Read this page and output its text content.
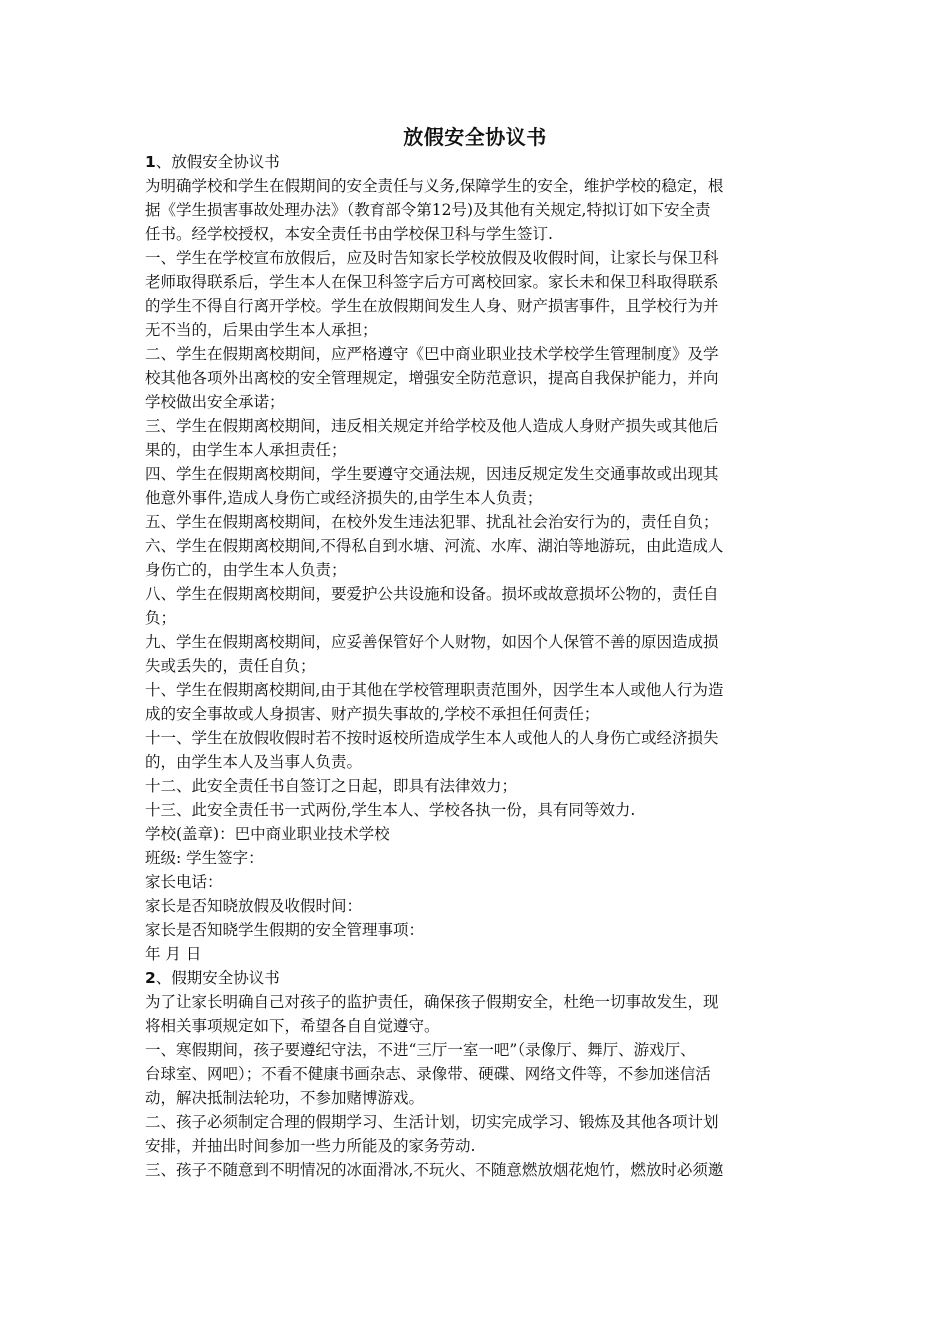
放假安全协议书
1、放假安全协议书
为明确学校和学生在假期间的安全责任与义务,保障学生的安全，维护学校的稳定，根
据《学生损害事故处理办法》（教育部令第12号)及其他有关规定,特拟订如下安全责
任书。经学校授权，本安全责任书由学校保卫科与学生签订.
一、学生在学校宣布放假后，应及时告知家长学校放假及收假时间，让家长与保卫科
老师取得联系后，学生本人在保卫科签字后方可离校回家。家长未和保卫科取得联系
的学生不得自行离开学校。学生在放假期间发生人身、财产损害事件，且学校行为并
无不当的，后果由学生本人承担；
二、学生在假期离校期间，应严格遵守《巴中商业职业技术学校学生管理制度》及学
校其他各项外出离校的安全管理规定，增强安全防范意识，提高自我保护能力，并向
学校做出安全承诺；
三、学生在假期离校期间，违反相关规定并给学校及他人造成人身财产损失或其他后
果的，由学生本人承担责任；
四、学生在假期离校期间，学生要遵守交通法规，因违反规定发生交通事故或出现其
他意外事件,造成人身伤亡或经济损失的,由学生本人负责；
五、学生在假期离校期间，在校外发生违法犯罪、扰乱社会治安行为的，责任自负；
六、学生在假期离校期间,不得私自到水塘、河流、水库、湖泊等地游玩，由此造成人
身伤亡的，由学生本人负责；
八、学生在假期离校期间，要爱护公共设施和设备。损坏或故意损坏公物的，责任自
负；
九、学生在假期离校期间，应妥善保管好个人财物，如因个人保管不善的原因造成损
失或丢失的，责任自负；
十、学生在假期离校期间,由于其他在学校管理职责范围外，因学生本人或他人行为造
成的安全事故或人身损害、财产损失事故的,学校不承担任何责任；
十一、学生在放假收假时若不按时返校所造成学生本人或他人的人身伤亡或经济损失
的，由学生本人及当事人负责。
十二、此安全责任书自签订之日起，即具有法律效力；
十三、此安全责任书一式两份,学生本人、学校各执一份，具有同等效力.
学校(盖章)：巴中商业职业技术学校
班级: 学生签字：
家长电话：
家长是否知晓放假及收假时间：
家长是否知晓学生假期的安全管理事项：
年 月 日
2、假期安全协议书
为了让家长明确自己对孩子的监护责任，确保孩子假期安全，杜绝一切事故发生，现
将相关事项规定如下，希望各自自觉遵守。
一、寒假期间，孩子要遵纪守法，不进“三厅一室一吧”（录像厅、舞厅、游戏厅、
台球室、网吧）；不看不健康书画杂志、录像带、硬碟、网络文件等，不参加迷信活
动，解决抵制法轮功，不参加赌博游戏。
二、孩子必须制定合理的假期学习、生活计划，切实完成学习、锻炼及其他各项计划
安排，并抽出时间参加一些力所能及的家务劳动.
三、孩子不随意到不明情况的冰面滑冰,不玩火、不随意燃放烟花炮竹，燃放时必须邀
